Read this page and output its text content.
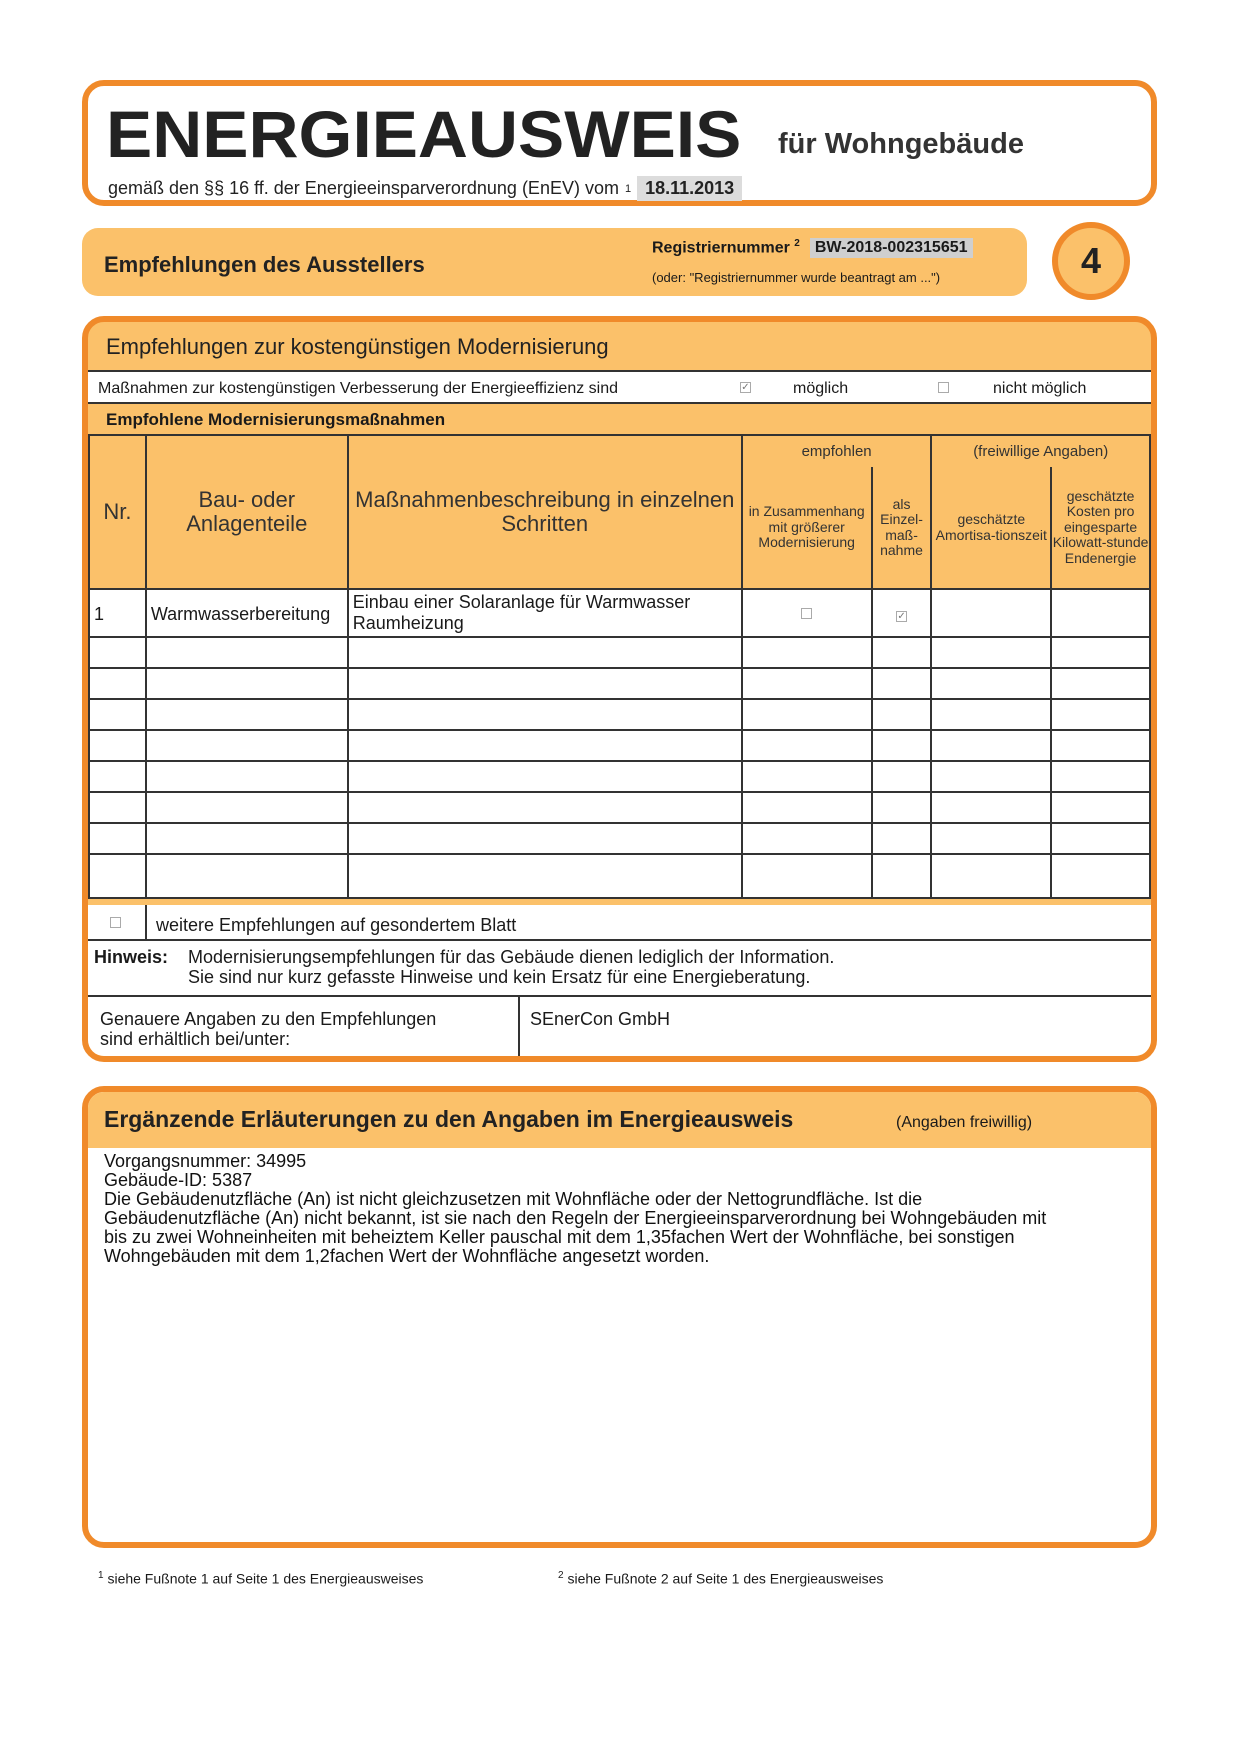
ENERGIEAUSWEIS für Wohngebäude
gemäß den §§ 16 ff. der Energieeinsparverordnung (EnEV) vom 1 18.11.2013
Empfehlungen des Ausstellers
Registriernummer $^2$ BW-2018-002315651
(oder: "Registriernummer wurde beantragt am ...")	4
Empfehlungen zur kostengünstigen Modernisierung
Maßnahmen zur kostengünstigen Verbesserung der Energieeffizienz sind	✓	möglich	nicht möglich
Empfohlene Modernisierungsmaßnahmen
Nr.	Bau- oder Anlagenteile	Maßnahmenbeschreibung in einzelnen Schritten	empfohlen		(freiwillige Angaben)	
			in Zusammenhang mit größerer Modernisierung	als Einzel-maß-nahme	geschätzte Amortisa-tionszeit	geschätzte Kosten pro eingesparte Kilowatt-stunde Endenergie
1	Warmwasserbereitung	Einbau einer Solaranlage für Warmwasser Raumheizung		✓		

weitere Empfehlungen auf gesondertem Blatt
Hinweis: Modernisierungsempfehlungen für das Gebäude dienen lediglich der Information.
Sie sind nur kurz gefasste Hinweise und kein Ersatz für eine Energieberatung.
Genauere Angaben zu den Empfehlungen
sind erhältlich bei/unter:
SEnerCon GmbH
Ergänzende Erläuterungen zu den Angaben im Energieausweis	(Angaben freiwillig)
Vorgangsnummer: 34995
Gebäude-ID: 5387
Die Gebäudenutzfläche (An) ist nicht gleichzusetzen mit Wohnfläche oder der Nettogrundfläche. Ist die
Gebäudenutzfläche (An) nicht bekannt, ist sie nach den Regeln der Energieeinsparverordnung bei Wohngebäuden mit
bis zu zwei Wohneinheiten mit beheiztem Keller pauschal mit dem 1,35fachen Wert der Wohnfläche, bei sonstigen
Wohngebäuden mit dem 1,2fachen Wert der Wohnfläche angesetzt worden.
$^1$ siehe Fußnote 1 auf Seite 1 des Energieausweises	$^2$ siehe Fußnote 2 auf Seite 1 des Energieausweises
